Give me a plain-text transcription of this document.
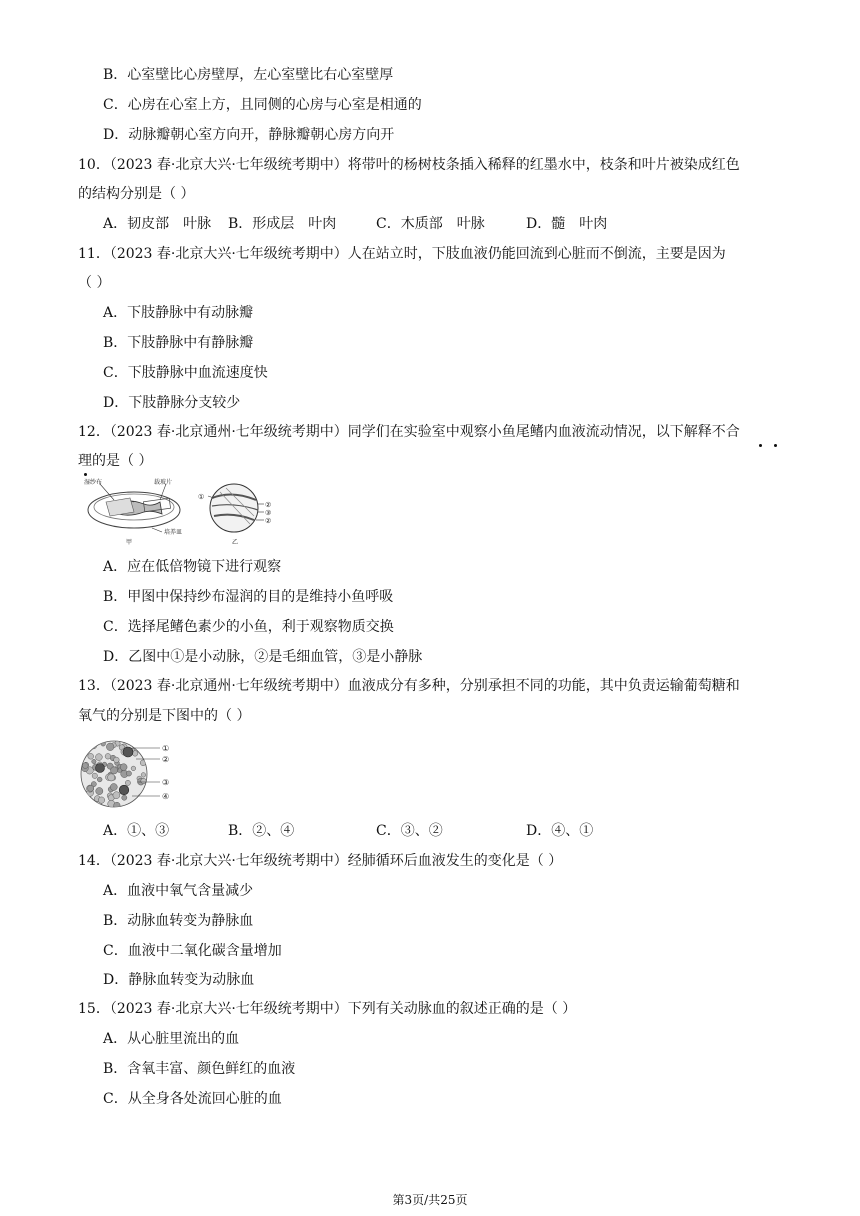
B．心室壁比心房壁厚，左心室壁比右心室壁厚
C．心房在心室上方，且同侧的心房与心室是相通的
D．动脉瓣朝心室方向开，静脉瓣朝心房方向开
10．（2023 春·北京大兴·七年级统考期中）将带叶的杨树枝条插入稀释的红墨水中，枝条和叶片被染成红色
的结构分别是（ ）
A．韧皮部　叶脉 B．形成层　叶肉	C．木质部　叶脉	D．髓　叶肉
11．（2023 春·北京大兴·七年级统考期中）人在站立时，下肢血液仍能回流到心脏而不倒流，主要是因为
（ ）
A．下肢静脉中有动脉瓣
B．下肢静脉中有静脉瓣
C．下肢静脉中血流速度快
D．下肢静脉分支较少
12．（2023 春·北京通州·七年级统考期中）同学们在实验室中观察小鱼尾鳍内血液流动情况，以下解释不合
理的是（ ）
湿纱布	载玻片
培养皿
甲
①
②
③
②
乙
A．应在低倍物镜下进行观察
B．甲图中保持纱布湿润的目的是维持小鱼呼吸
C．选择尾鳍色素少的小鱼，利于观察物质交换
D．乙图中①是小动脉，②是毛细血管，③是小静脉
13．（2023 春·北京通州·七年级统考期中）血液成分有多种，分别承担不同的功能，其中负责运输葡萄糖和
氧气的分别是下图中的（ ）
①
②
③
④
A．①、③	B．②、④	C．③、②	D．④、①
14．（2023 春·北京大兴·七年级统考期中）经肺循环后血液发生的变化是（ ）
A．血液中氧气含量减少
B．动脉血转变为静脉血
C．血液中二氧化碳含量增加
D．静脉血转变为动脉血
15．（2023 春·北京大兴·七年级统考期中）下列有关动脉血的叙述正确的是（ ）
A．从心脏里流出的血
B．含氧丰富、颜色鲜红的血液
C．从全身各处流回心脏的血
第3页/共25页
